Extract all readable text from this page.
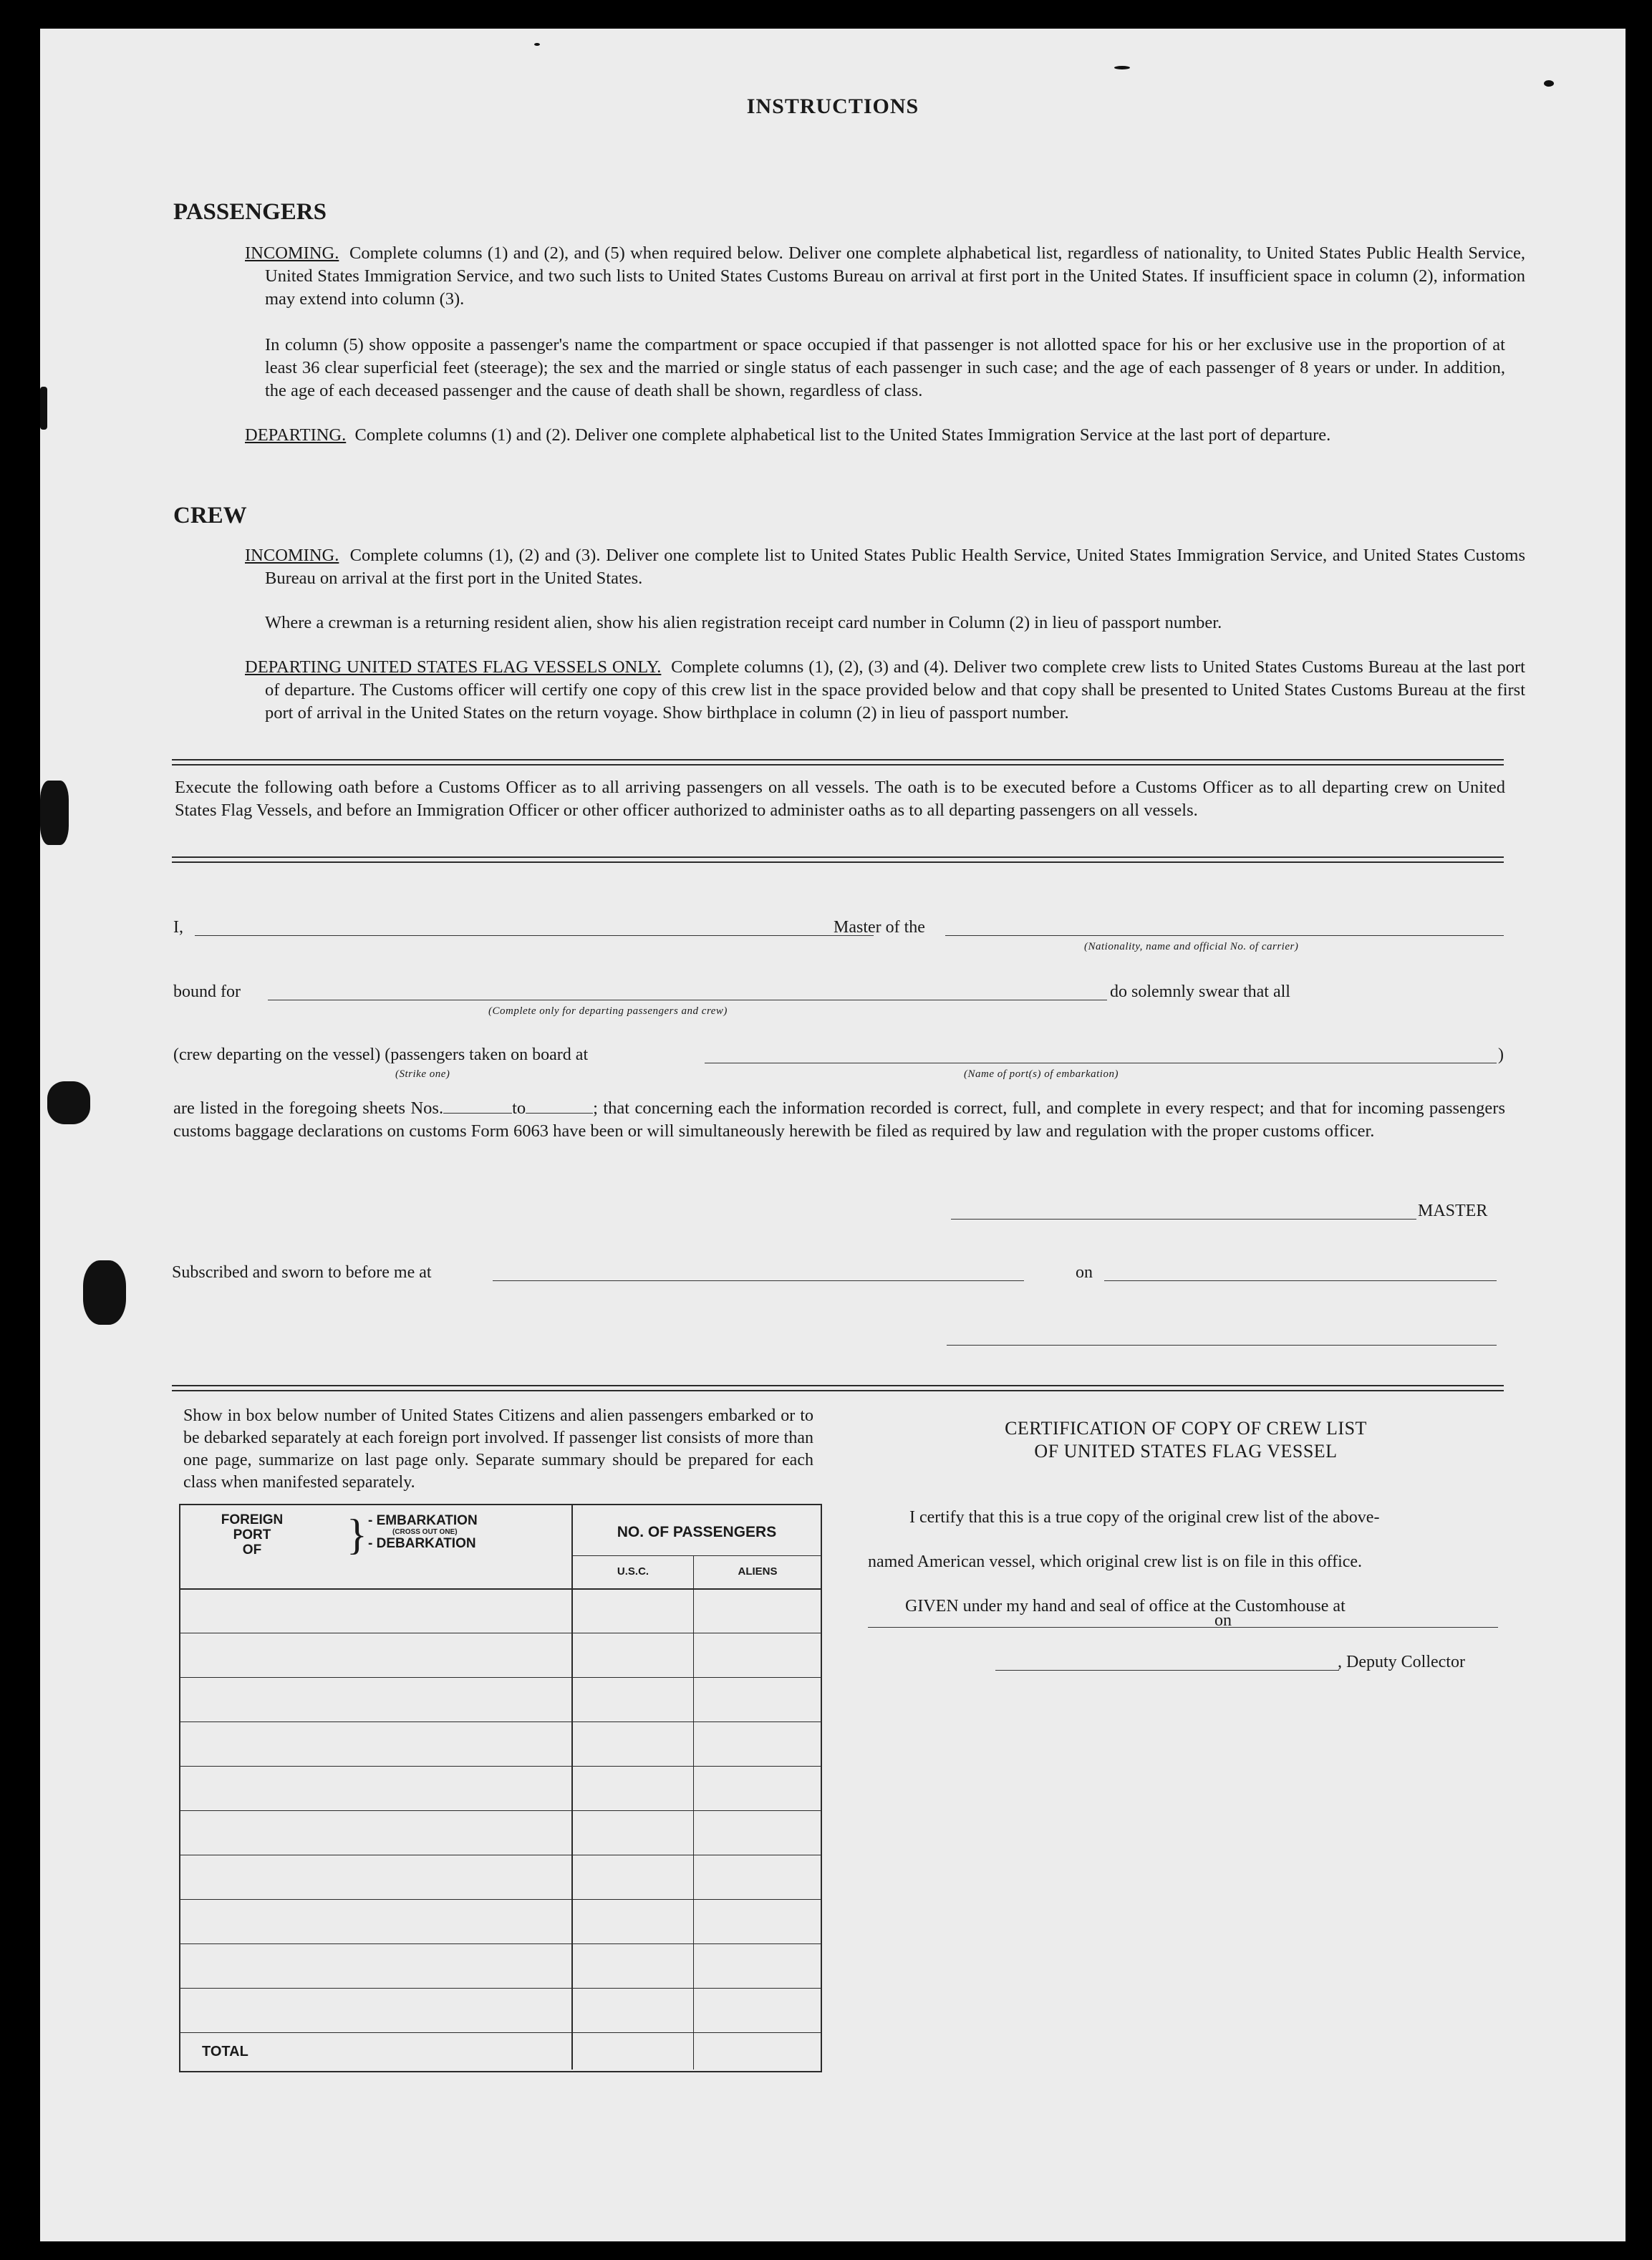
INSTRUCTIONS
PASSENGERS
INCOMING. Complete columns (1) and (2), and (5) when required below. Deliver one complete alphabetical list, regardless of nationality, to United States Public Health Service, United States Immigration Service, and two such lists to United States Customs Bureau on arrival at first port in the United States. If insufficient space in column (2), information may extend into column (3).
In column (5) show opposite a passenger's name the compartment or space occupied if that passenger is not allotted space for his or her exclusive use in the proportion of at least 36 clear superficial feet (steerage); the sex and the married or single status of each passenger in such case; and the age of each passenger of 8 years or under. In addition, the age of each deceased passenger and the cause of death shall be shown, regardless of class.
DEPARTING. Complete columns (1) and (2). Deliver one complete alphabetical list to the United States Immigration Service at the last port of departure.
CREW
INCOMING. Complete columns (1), (2) and (3). Deliver one complete list to United States Public Health Service, United States Immigration Service, and United States Customs Bureau on arrival at the first port in the United States.
Where a crewman is a returning resident alien, show his alien registration receipt card number in Column (2) in lieu of passport number.
DEPARTING UNITED STATES FLAG VESSELS ONLY. Complete columns (1), (2), (3) and (4). Deliver two complete crew lists to United States Customs Bureau at the last port of departure. The Customs officer will certify one copy of this crew list in the space provided below and that copy shall be presented to United States Customs Bureau at the first port of arrival in the United States on the return voyage. Show birthplace in column (2) in lieu of passport number.
Execute the following oath before a Customs Officer as to all arriving passengers on all vessels. The oath is to be executed before a Customs Officer as to all departing crew on United States Flag Vessels, and before an Immigration Officer or other officer authorized to administer oaths as to all departing passengers on all vessels.
I,	Master of the
(Nationality, name and official No. of carrier)
bound for
(Complete only for departing passengers and crew)
do solemnly swear that all
(crew departing on the vessel) (passengers taken on board at	)
(Strike one)	(Name of port(s) of embarkation)
are listed in the foregoing sheets Nos.	to	; that concerning each the information recorded is correct, full, and complete in every respect; and that for incoming passengers customs baggage declarations on customs Form 6063 have been or will simultaneously herewith be filed as required by law and regulation with the proper customs officer.
MASTER
Subscribed and sworn to before me at	on
Show in box below number of United States Citizens and alien passengers embarked or to be debarked separately at each foreign port involved. If passenger list consists of more than one page, summarize on last page only. Separate summary should be prepared for each class when manifested separately.
FOREIGN
PORT
OF	} - EMBARKATION
(CROSS OUT ONE)
- DEBARKATION
NO. OF PASSENGERS
U.S.C.	ALIENS
TOTAL
CERTIFICATION OF COPY OF CREW LIST
OF UNITED STATES FLAG VESSEL
I certify that this is a true copy of the original crew list of the above-
named American vessel, which original crew list is on file in this office.
GIVEN under my hand and seal of office at the Customhouse at
on
, Deputy Collector
